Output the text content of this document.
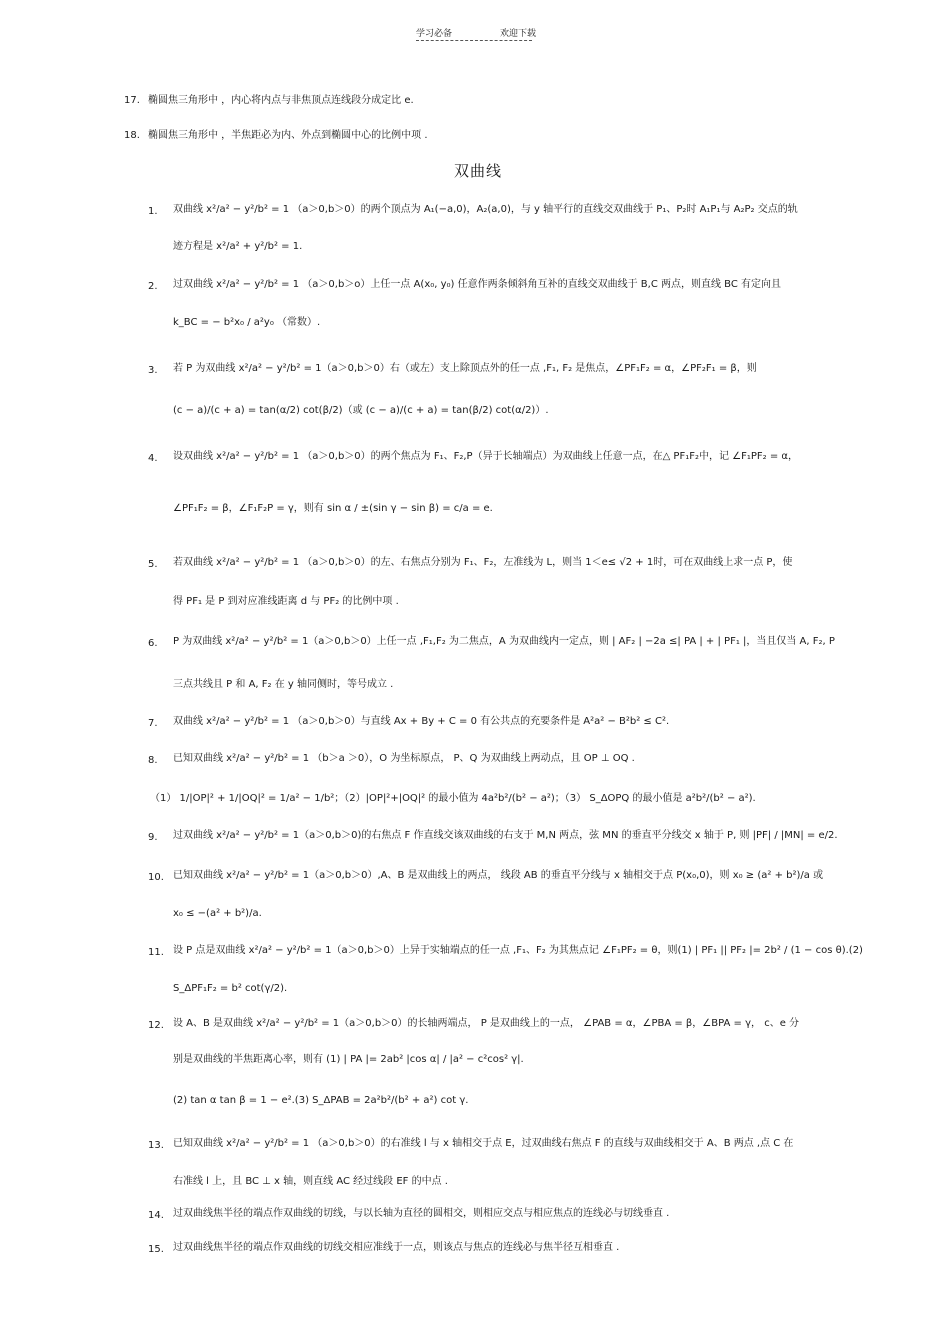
学习必备	欢迎下载
17. 椭圆焦三角形中 ，内心将内点与非焦顶点连线段分成定比 e.
18. 椭圆焦三角形中 ，半焦距必为内、外点到椭圆中心的比例中项 .
双曲线
1. 双曲线 x²/a² − y²/b² = 1 （a＞0,b＞0）的两个顶点为 A₁(−a,0)，A₂(a,0)，与 y 轴平行的直线交双曲线于 P₁、P₂时 A₁P₁与 A₂P₂ 交点的轨
迹方程是 x²/a² + y²/b² = 1.
2. 过双曲线 x²/a² − y²/b² = 1 （a＞0,b＞o）上任一点 A(x₀, y₀) 任意作两条倾斜角互补的直线交双曲线于 B,C 两点，则直线 BC 有定向且
k_BC = − b²x₀ / a²y₀ （常数）.
3. 若 P 为双曲线 x²/a² − y²/b² = 1（a＞0,b＞0）右（或左）支上除顶点外的任一点 ,F₁, F₂ 是焦点，∠PF₁F₂ = α，∠PF₂F₁ = β，则
(c − a)/(c + a) = tan(α/2) cot(β/2)（或 (c − a)/(c + a) = tan(β/2) cot(α/2)）.
4. 设双曲线 x²/a² − y²/b² = 1 （a＞0,b＞0）的两个焦点为 F₁、F₂,P（异于长轴端点）为双曲线上任意一点，在△ PF₁F₂中，记 ∠F₁PF₂ = α，
∠PF₁F₂ = β，∠F₁F₂P = γ，则有 sin α / ±(sin γ − sin β) = c/a = e.
5. 若双曲线 x²/a² − y²/b² = 1 （a＞0,b＞0）的左、右焦点分别为 F₁、F₂，左准线为 L，则当 1＜e≤ √2 + 1时，可在双曲线上求一点 P，使
得 PF₁ 是 P 到对应准线距离 d 与 PF₂ 的比例中项 .
6. P 为双曲线 x²/a² − y²/b² = 1（a＞0,b＞0）上任一点 ,F₁,F₂ 为二焦点，A 为双曲线内一定点，则 | AF₂ | −2a ≤| PA | + | PF₁ |，当且仅当 A, F₂, P
三点共线且 P 和 A, F₂ 在 y 轴同侧时，等号成立 .
7. 双曲线 x²/a² − y²/b² = 1 （a＞0,b＞0）与直线 Ax + By + C = 0 有公共点的充要条件是 A²a² − B²b² ≤ C².
8. 已知双曲线 x²/a² − y²/b² = 1 （b＞a ＞0），O 为坐标原点， P、Q 为双曲线上两动点，且 OP ⊥ OQ .
（1） 1/|OP|² + 1/|OQ|² = 1/a² − 1/b²；（2）|OP|²+|OQ|² 的最小值为 4a²b²/(b² − a²)；（3） S_ΔOPQ 的最小值是 a²b²/(b² − a²).
9. 过双曲线 x²/a² − y²/b² = 1（a＞0,b＞0)的右焦点 F 作直线交该双曲线的右支于 M,N 两点，弦 MN 的垂直平分线交 x 轴于 P, 则 |PF| / |MN| = e/2.
10. 已知双曲线 x²/a² − y²/b² = 1（a＞0,b＞0）,A、B 是双曲线上的两点， 线段 AB 的垂直平分线与 x 轴相交于点 P(x₀,0)，则 x₀ ≥ (a² + b²)/a 或
x₀ ≤ −(a² + b²)/a.
11. 设 P 点是双曲线 x²/a² − y²/b² = 1（a＞0,b＞0）上异于实轴端点的任一点 ,F₁、F₂ 为其焦点记 ∠F₁PF₂ = θ，则(1) | PF₁ || PF₂ |= 2b² / (1 − cos θ).(2)
S_ΔPF₁F₂ = b² cot(γ/2).
12. 设 A、B 是双曲线 x²/a² − y²/b² = 1（a＞0,b＞0）的长轴两端点， P 是双曲线上的一点， ∠PAB = α，∠PBA = β，∠BPA = γ， c、e 分
别是双曲线的半焦距离心率，则有 (1) | PA |= 2ab² |cos α| / |a² − c²cos² γ|.
(2) tan α tan β = 1 − e².(3) S_ΔPAB = 2a²b²/(b² + a²) cot γ.
13. 已知双曲线 x²/a² − y²/b² = 1 （a＞0,b＞0）的右准线 l 与 x 轴相交于点 E，过双曲线右焦点 F 的直线与双曲线相交于 A、B 两点 ,点 C 在
右准线 l 上，且 BC ⊥ x 轴，则直线 AC 经过线段 EF 的中点 .
14. 过双曲线焦半径的端点作双曲线的切线，与以长轴为直径的圆相交，则相应交点与相应焦点的连线必与切线垂直 .
15. 过双曲线焦半径的端点作双曲线的切线交相应准线于一点，则该点与焦点的连线必与焦半径互相垂直 .
